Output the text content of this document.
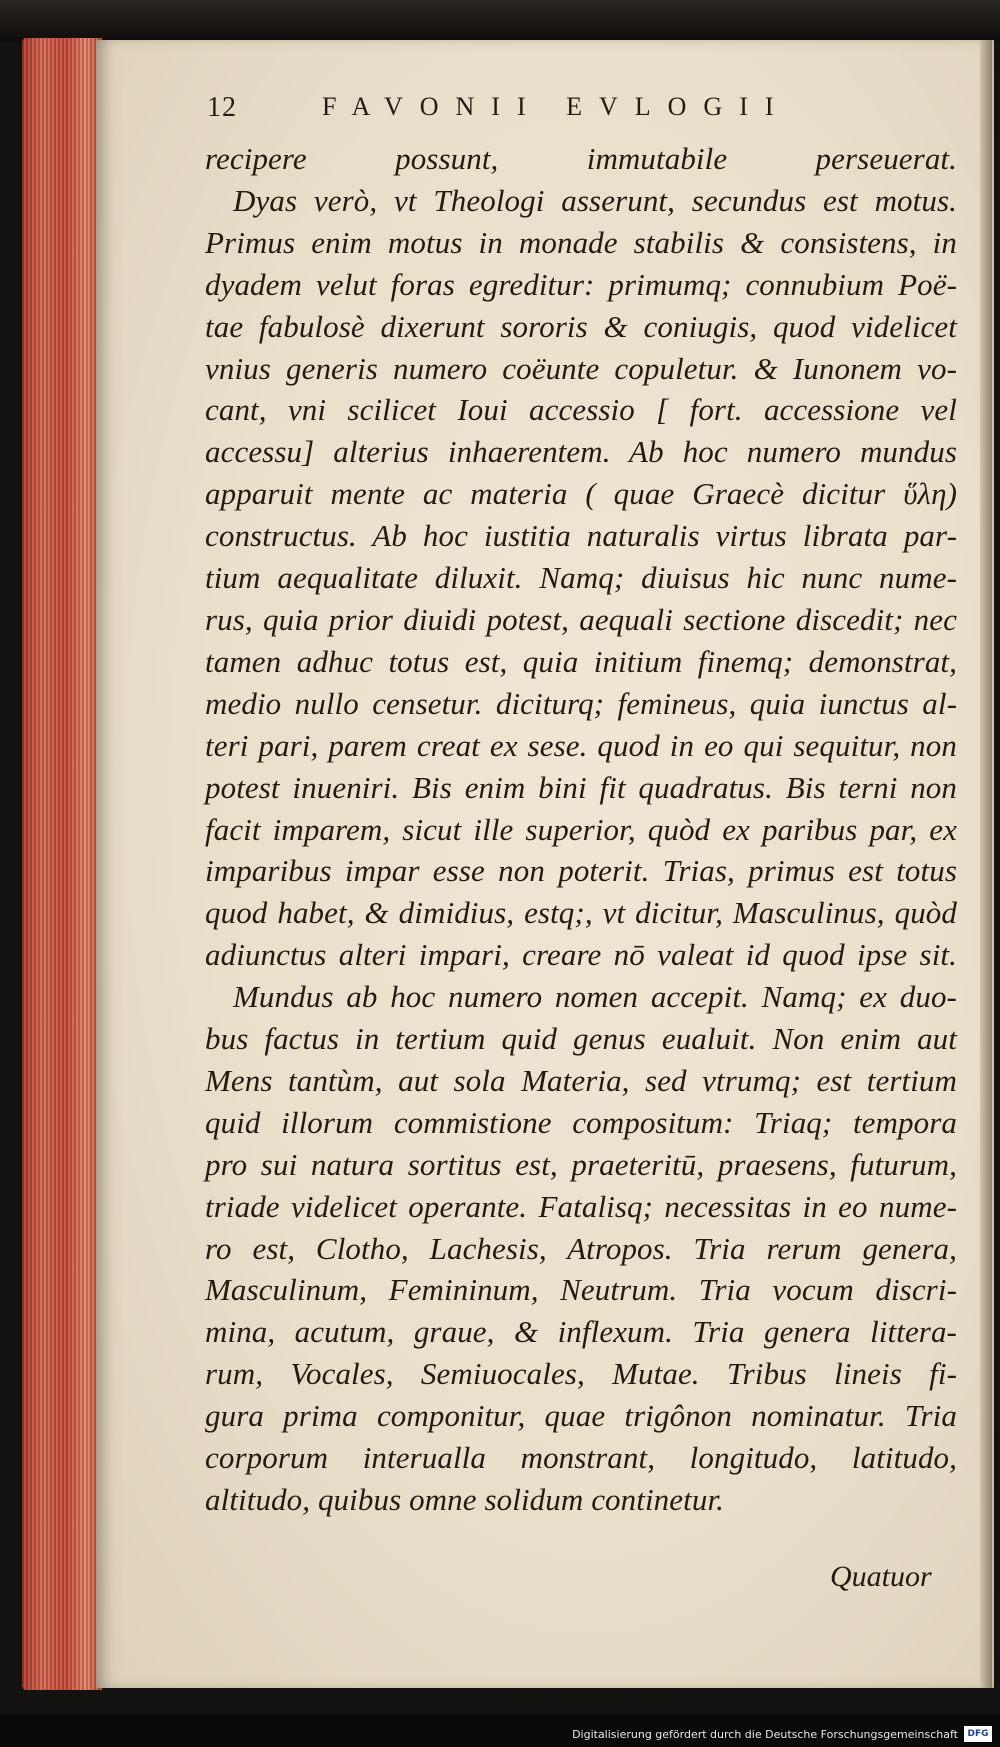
12	FAVONII EVLOGII
recipere possunt, immutabile perseuerat.
Dyas verò, vt Theologi asserunt, secundus est motus.
Primus enim motus in monade stabilis & consistens, in
dyadem velut foras egreditur: primumq; connubium Poë-
tae fabulosè dixerunt sororis & coniugis, quod videlicet
vnius generis numero coëunte copuletur. & Iunonem vo-
cant, vni scilicet Ioui accessio [ fort. accessione vel
accessu] alterius inhaerentem. Ab hoc numero mundus
apparuit mente ac materia ( quae Graecè dicitur ὕλη)
constructus. Ab hoc iustitia naturalis virtus librata par-
tium aequalitate diluxit. Namq; diuisus hic nunc nume-
rus, quia prior diuidi potest, aequali sectione discedit; nec
tamen adhuc totus est, quia initium finemq; demonstrat,
medio nullo censetur. diciturq; femineus, quia iunctus al-
teri pari, parem creat ex sese. quod in eo qui sequitur, non
potest inueniri. Bis enim bini fit quadratus. Bis terni non
facit imparem, sicut ille superior, quòd ex paribus par, ex
imparibus impar esse non poterit. Trias, primus est totus
quod habet, & dimidius, estq;, vt dicitur, Masculinus, quòd
adiunctus alteri impari, creare nō valeat id quod ipse sit.
Mundus ab hoc numero nomen accepit. Namq; ex duo-
bus factus in tertium quid genus eualuit. Non enim aut
Mens tantùm, aut sola Materia, sed vtrumq; est tertium
quid illorum commistione compositum: Triaq; tempora
pro sui natura sortitus est, praeteritū, praesens, futurum,
triade videlicet operante. Fatalisq; necessitas in eo nume-
ro est, Clotho, Lachesis, Atropos. Tria rerum genera,
Masculinum, Femininum, Neutrum. Tria vocum discri-
mina, acutum, graue, & inflexum. Tria genera littera-
rum, Vocales, Semiuocales, Mutae. Tribus lineis fi-
gura prima componitur, quae trigônon nominatur. Tria
corporum interualla monstrant, longitudo, latitudo,
altitudo, quibus omne solidum continetur.
Quatuor
Digitalisierung gefördert durch die Deutsche Forschungsgemeinschaft	DFG
